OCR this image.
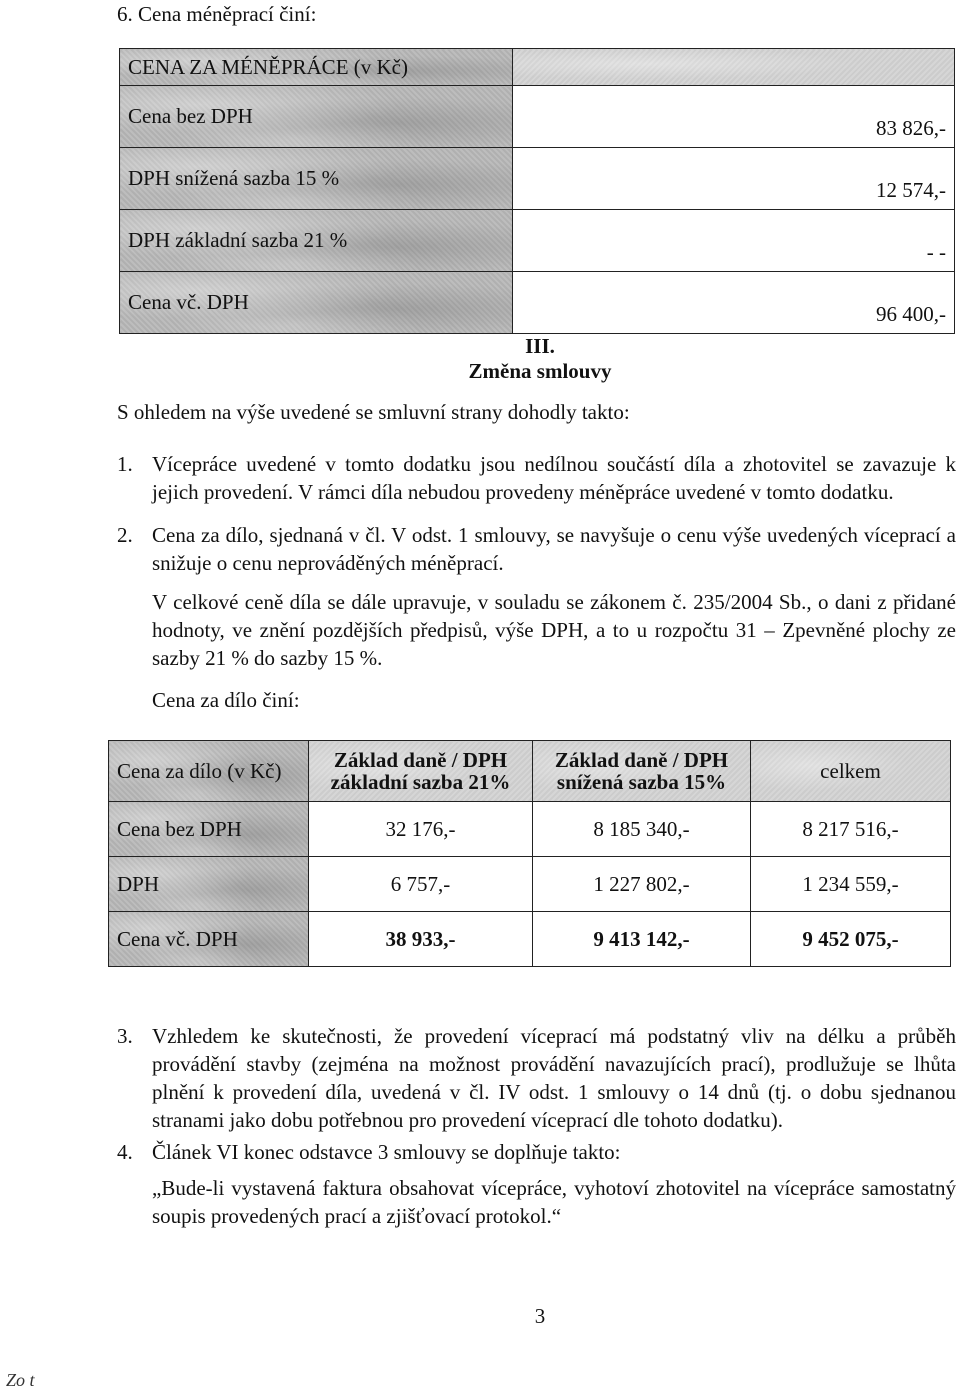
6. Cena méněprací činí:
CENA ZA MÉNĚPRÁCE (v Kč)	
Cena bez DPH	83 826,-
DPH snížená sazba 15 %	12 574,-
DPH základní sazba 21 %	- -
Cena vč. DPH	96 400,-
III.
Změna smlouvy
S ohledem na výše uvedené se smluvní strany dohodly takto:
1. Vícepráce uvedené v tomto dodatku jsou nedílnou součástí díla a zhotovitel se zavazuje k jejich provedení. V rámci díla nebudou provedeny méněpráce uvedené v tomto dodatku.
2. Cena za dílo, sjednaná v čl. V odst. 1 smlouvy, se navyšuje o cenu výše uvedených víceprací a snižuje o cenu neprováděných méněprací.
V celkové ceně díla se dále upravuje, v souladu se zákonem č. 235/2004 Sb., o dani z přidané hodnoty, ve znění pozdějších předpisů, výše DPH, a to u rozpočtu 31 – Zpevněné plochy ze sazby 21 % do sazby 15 %.
Cena za dílo činí:
Cena za dílo (v Kč)	Základ daně / DPH základní sazba 21%	Základ daně / DPH snížená sazba 15%	celkem
Cena bez DPH	32 176,-	8 185 340,-	8 217 516,-
DPH	6 757,-	1 227 802,-	1 234 559,-
Cena vč. DPH	38 933,-	9 413 142,-	9 452 075,-
3. Vzhledem ke skutečnosti, že provedení víceprací má podstatný vliv na délku a průběh provádění stavby (zejména na možnost provádění navazujících prací), prodlužuje se lhůta plnění k provedení díla, uvedená v čl. IV odst. 1 smlouvy o 14 dnů (tj. o dobu sjednanou stranami jako dobu potřebnou pro provedení víceprací dle tohoto dodatku).
4. Článek VI konec odstavce 3 smlouvy se doplňuje takto:
„Bude-li vystavená faktura obsahovat vícepráce, vyhotoví zhotovitel na vícepráce samostatný soupis provedených prací a zjišťovací protokol.“
3
Zo t
